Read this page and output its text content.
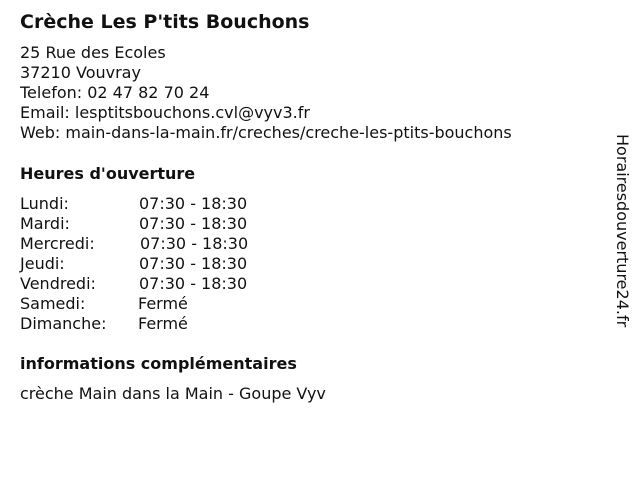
Crèche Les P'tits Bouchons
25 Rue des Ecoles
37210 Vouvray
Telefon: 02 47 82 70 24
Email: lesptitsbouchons.cvl@vyv3.fr
Web: main-dans-la-main.fr/creches/creche-les-ptits-bouchons
Heures d'ouverture
Lundi:	07:30 - 18:30
Mardi:	07:30 - 18:30
Mercredi:	07:30 - 18:30
Jeudi:	07:30 - 18:30
Vendredi:	07:30 - 18:30
Samedi:	Fermé
Dimanche: Fermé
informations complémentaires
crèche Main dans la Main - Goupe Vyv
Horairesdouverture24.fr
